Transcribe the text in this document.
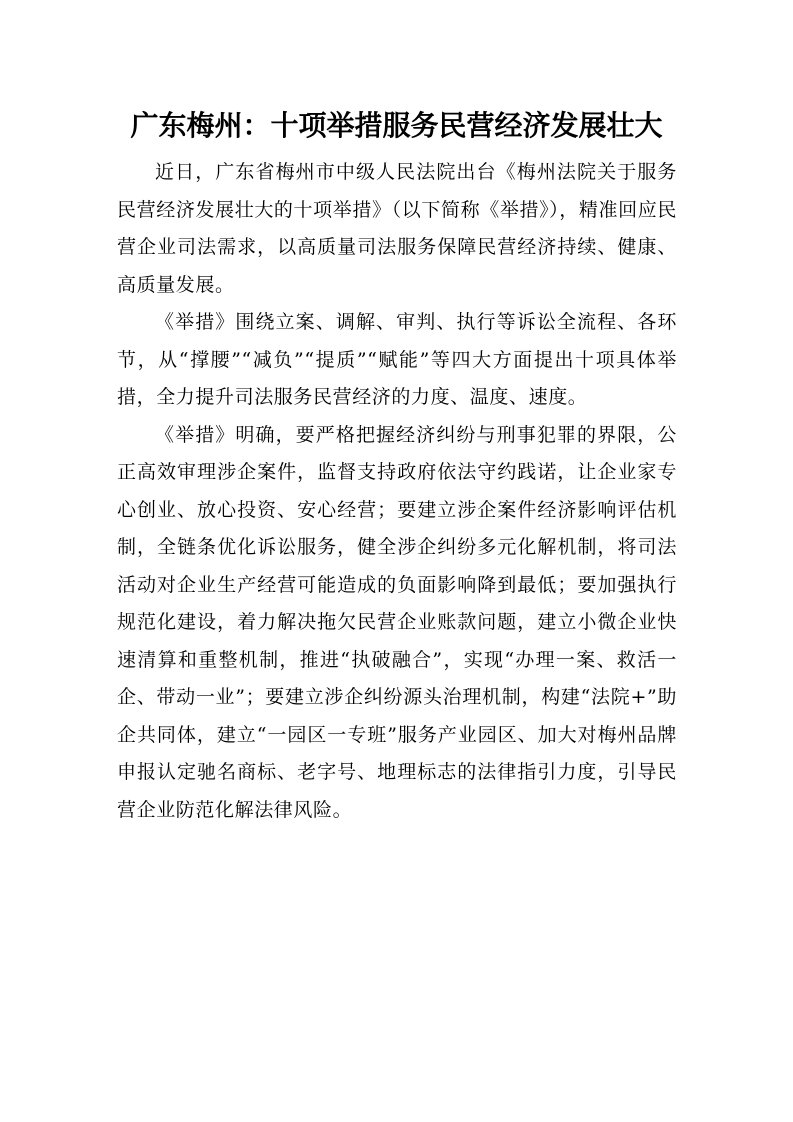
广东梅州：十项举措服务民营经济发展壮大

近日，广东省梅州市中级人民法院出台《梅州法院关于服务民营经济发展壮大的十项举措》（以下简称《举措》），精准回应民营企业司法需求，以高质量司法服务保障民营经济持续、健康、高质量发展。

《举措》围绕立案、调解、审判、执行等诉讼全流程、各环节，从“撑腰”“减负”“提质”“赋能”等四大方面提出十项具体举措，全力提升司法服务民营经济的力度、温度、速度。

《举措》明确，要严格把握经济纠纷与刑事犯罪的界限，公正高效审理涉企案件，监督支持政府依法守约践诺，让企业家专心创业、放心投资、安心经营；要建立涉企案件经济影响评估机制，全链条优化诉讼服务，健全涉企纠纷多元化解机制，将司法活动对企业生产经营可能造成的负面影响降到最低；要加强执行规范化建设，着力解决拖欠民营企业账款问题，建立小微企业快速清算和重整机制，推进“执破融合”，实现“办理一案、救活一企、带动一业”；要建立涉企纠纷源头治理机制，构建“法院+”助企共同体，建立“一园区一专班”服务产业园区、加大对梅州品牌申报认定驰名商标、老字号、地理标志的法律指引力度，引导民营企业防范化解法律风险。
